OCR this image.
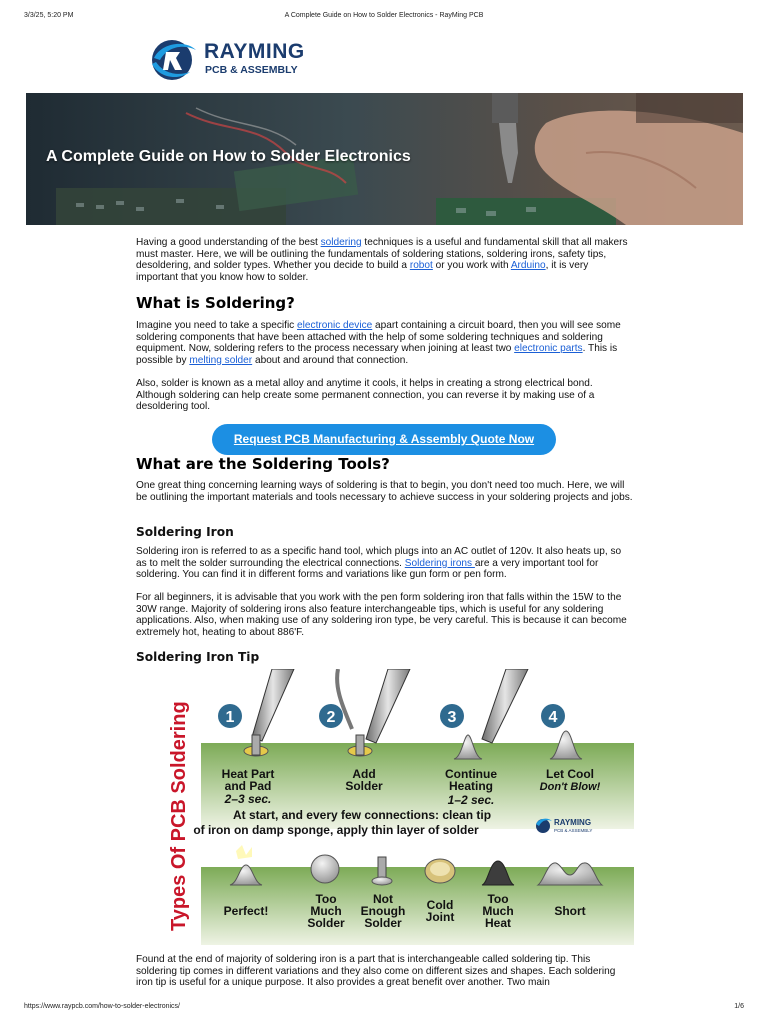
3/3/25, 5:20 PM	A Complete Guide on How to Solder Electronics - RayMing PCB
RAYMING
PCB & ASSEMBLY
A Complete Guide on How to Solder Electronics
Having a good understanding of the best soldering techniques is a useful and fundamental skill that all makers must master. Here, we will be outlining the fundamentals of soldering stations, soldering irons, safety tips, desoldering, and solder types. Whether you decide to build a robot or you work with Arduino, it is very important that you know how to solder.
What is Soldering?
Imagine you need to take a specific electronic device apart containing a circuit board, then you will see some soldering components that have been attached with the help of some soldering techniques and soldering equipment. Now, soldering refers to the process necessary when joining at least two electronic parts. This is possible by melting solder about and around that connection.
Also, solder is known as a metal alloy and anytime it cools, it helps in creating a strong electrical bond. Although soldering can help create some permanent connection, you can reverse it by making use of a desoldering tool.
Request PCB Manufacturing & Assembly Quote Now
What are the Soldering Tools?
One great thing concerning learning ways of soldering is that to begin, you don't need too much. Here, we will be outlining the important materials and tools necessary to achieve success in your soldering projects and jobs.
Soldering Iron
Soldering iron is referred to as a specific hand tool, which plugs into an AC outlet of 120v. It also heats up, so as to melt the solder surrounding the electrical connections. Soldering irons are a very important tool for soldering. You can find it in different forms and variations like gun form or pen form.
For all beginners, it is advisable that you work with the pen form soldering iron that falls within the 15W to the 30W range. Majority of soldering irons also feature interchangeable tips, which is useful for any soldering applications. Also, when making use of any soldering iron type, be very careful. This is because it can become extremely hot, heating to about 886'F.
Soldering Iron Tip
Types Of PCB Soldering 1	2	3	4
Heat Part
and Pad
2–3 sec.
Add
Solder
Continue
Heating
1–2 sec.
Let Cool
Don't Blow!
At start, and every few connections: clean tip
of iron on damp sponge, apply thin layer of solder
RAYMING
PCB & ASSEMBLY
Perfect!
Too
Much
Solder
Not
Enough
Solder
Cold
Joint
Too
Much
Heat
Short
Found at the end of majority of soldering iron is a part that is interchangeable called soldering tip. This soldering tip comes in different variations and they also come on different sizes and shapes. Each soldering iron tip is useful for a unique purpose. It also provides a great benefit over another. Two main
https://www.raypcb.com/how-to-solder-electronics/	1/6
